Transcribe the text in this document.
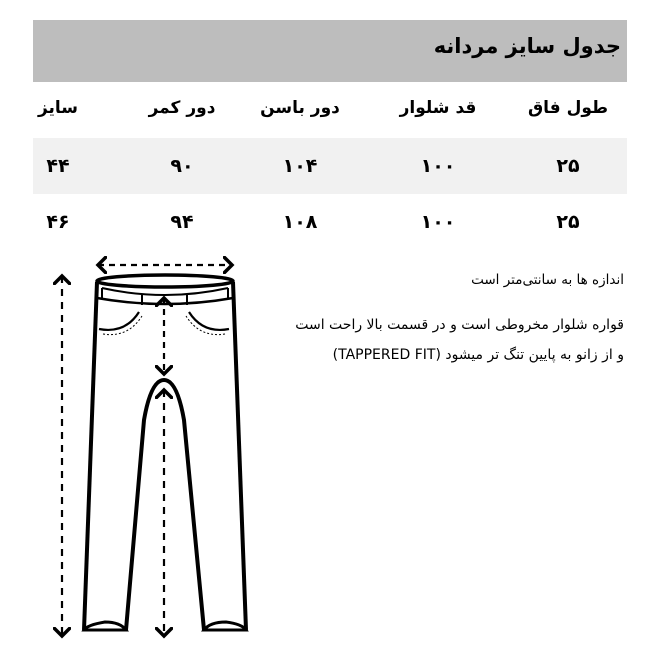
جدول سایز مردانه
طول فاق
قد شلوار
دور باسن
دور کمر
سایز
۲۵
۱۰۰
۱۰۴
۹۰
۴۴
۲۵
۱۰۰
۱۰۸
۹۴
۴۶
اندازه ها به سانتی‌متر است
قواره شلوار مخروطی است و در قسمت بالا راحت است
و از زانو به پایین تنگ تر میشود (TAPPERED FIT)
